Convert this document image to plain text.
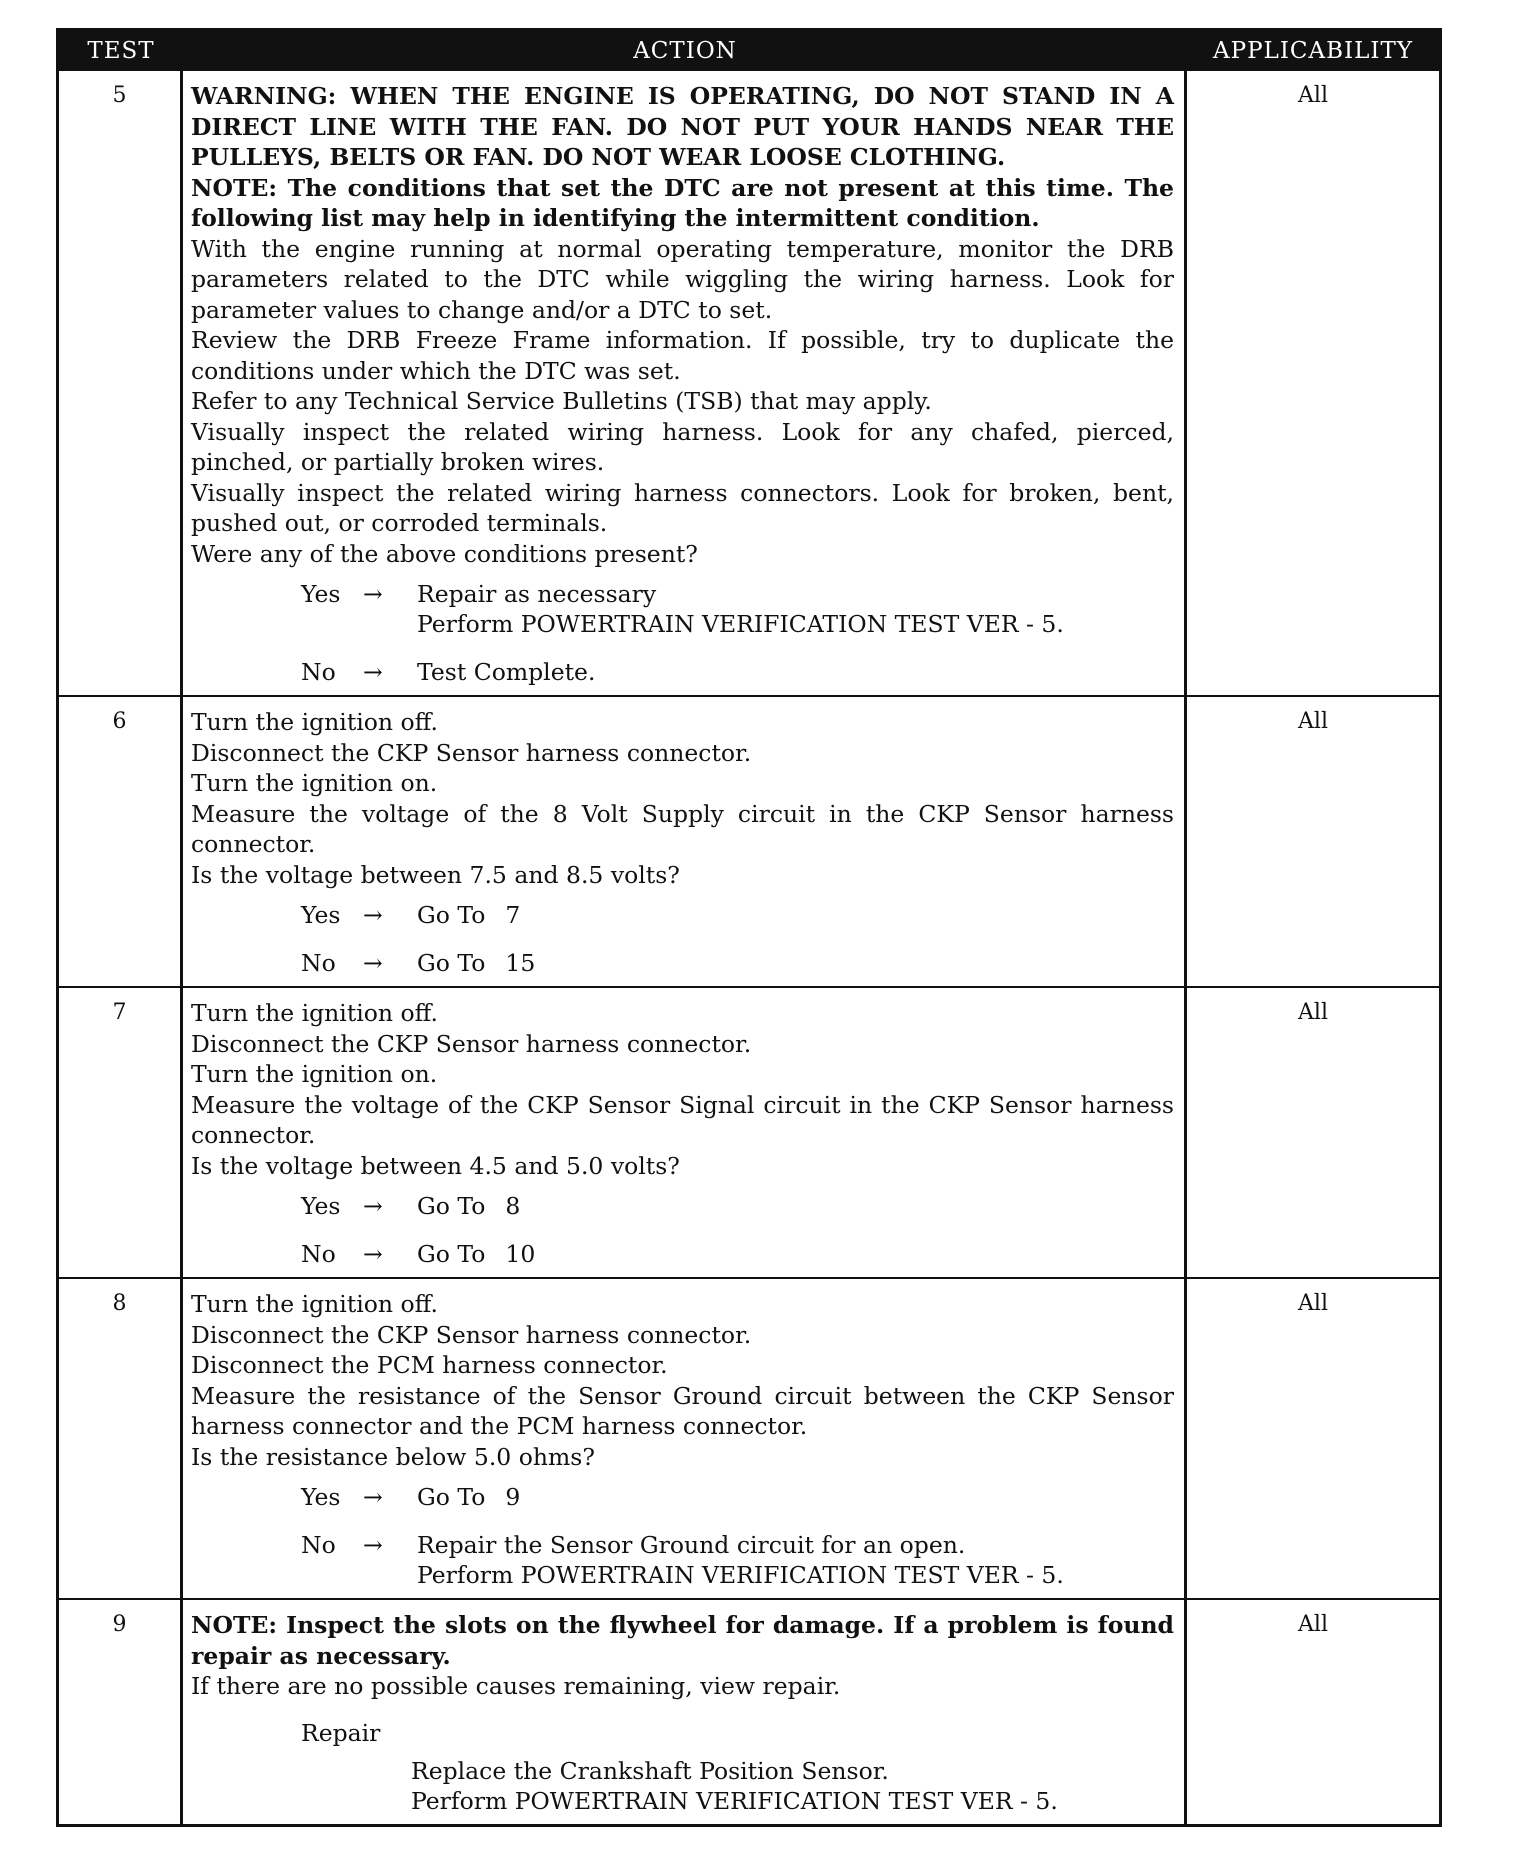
TEST	ACTION	APPLICABILITY
5	WARNING: WHEN THE ENGINE IS OPERATING, DO NOT STAND IN A DIRECT LINE WITH THE FAN. DO NOT PUT YOUR HANDS NEAR THE PULLEYS, BELTS OR FAN. DO NOT WEAR LOOSE CLOTHING.

NOTE: The conditions that set the DTC are not present at this time. The following list may help in identifying the intermittent condition.

With the engine running at normal operating temperature, monitor the DRB parameters related to the DTC while wiggling the wiring harness. Look for parameter values to change and/or a DTC to set.

Review the DRB Freeze Frame information. If possible, try to duplicate the conditions under which the DTC was set.

Refer to any Technical Service Bulletins (TSB) that may apply.

Visually inspect the related wiring harness. Look for any chafed, pierced, pinched, or partially broken wires.

Visually inspect the related wiring harness connectors. Look for broken, bent, pushed out, or corroded terminals.

Were any of the above conditions present?

Yes →	Repair as necessary
Perform POWERTRAIN VERIFICATION TEST VER - 5.
No	→	Test Complete.
All
6	Turn the ignition off.

Disconnect the CKP Sensor harness connector.

Turn the ignition on.

Measure the voltage of the 8 Volt Supply circuit in the CKP Sensor harness connector.

Is the voltage between 7.5 and 8.5 volts?

Yes →	Go To 7
No	→	Go To 15
All
7	Turn the ignition off.

Disconnect the CKP Sensor harness connector.

Turn the ignition on.

Measure the voltage of the CKP Sensor Signal circuit in the CKP Sensor harness connector.

Is the voltage between 4.5 and 5.0 volts?

Yes →	Go To 8
No	→	Go To 10
All
8	Turn the ignition off.

Disconnect the CKP Sensor harness connector.

Disconnect the PCM harness connector.

Measure the resistance of the Sensor Ground circuit between the CKP Sensor harness connector and the PCM harness connector.

Is the resistance below 5.0 ohms?

Yes →	Go To 9
No	→	Repair the Sensor Ground circuit for an open.
Perform POWERTRAIN VERIFICATION TEST VER - 5.
All
9	NOTE: Inspect the slots on the flywheel for damage. If a problem is found repair as necessary.

If there are no possible causes remaining, view repair.

Repair
Replace the Crankshaft Position Sensor.
Perform POWERTRAIN VERIFICATION TEST VER - 5.
All
